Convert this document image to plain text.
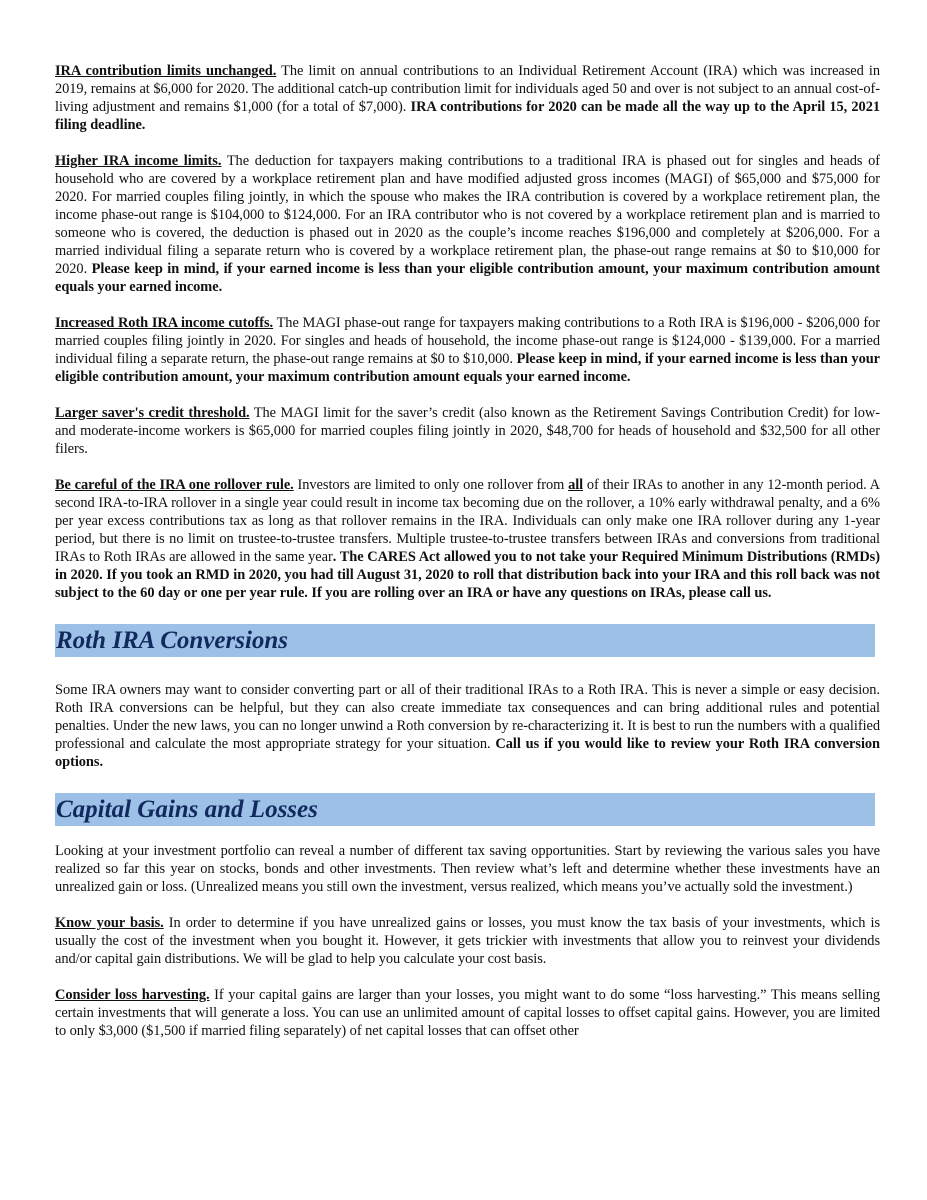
IRA contribution limits unchanged. The limit on annual contributions to an Individual Retirement Account (IRA) which was increased in 2019, remains at $6,000 for 2020. The additional catch-up contribution limit for individuals aged 50 and over is not subject to an annual cost-of-living adjustment and remains $1,000 (for a total of $7,000). IRA contributions for 2020 can be made all the way up to the April 15, 2021 filing deadline.

Higher IRA income limits. The deduction for taxpayers making contributions to a traditional IRA is phased out for singles and heads of household who are covered by a workplace retirement plan and have modified adjusted gross incomes (MAGI) of $65,000 and $75,000 for 2020. For married couples filing jointly, in which the spouse who makes the IRA contribution is covered by a workplace retirement plan, the income phase-out range is $104,000 to $124,000. For an IRA contributor who is not covered by a workplace retirement plan and is married to someone who is covered, the deduction is phased out in 2020 as the couple’s income reaches $196,000 and completely at $206,000. For a married individual filing a separate return who is covered by a workplace retirement plan, the phase-out range remains at $0 to $10,000 for 2020. Please keep in mind, if your earned income is less than your eligible contribution amount, your maximum contribution amount equals your earned income.

Increased Roth IRA income cutoffs. The MAGI phase-out range for taxpayers making contributions to a Roth IRA is $196,000 - $206,000 for married couples filing jointly in 2020. For singles and heads of household, the income phase-out range is $124,000 - $139,000. For a married individual filing a separate return, the phase-out range remains at $0 to $10,000. Please keep in mind, if your earned income is less than your eligible contribution amount, your maximum contribution amount equals your earned income.

Larger saver's credit threshold. The MAGI limit for the saver’s credit (also known as the Retirement Savings Contribution Credit) for low- and moderate-income workers is $65,000 for married couples filing jointly in 2020, $48,700 for heads of household and $32,500 for all other filers.

Be careful of the IRA one rollover rule. Investors are limited to only one rollover from all of their IRAs to another in any 12-month period. A second IRA-to-IRA rollover in a single year could result in income tax becoming due on the rollover, a 10% early withdrawal penalty, and a 6% per year excess contributions tax as long as that rollover remains in the IRA. Individuals can only make one IRA rollover during any 1-year period, but there is no limit on trustee-to-trustee transfers. Multiple trustee-to-trustee transfers between IRAs and conversions from traditional IRAs to Roth IRAs are allowed in the same year. The CARES Act allowed you to not take your Required Minimum Distributions (RMDs) in 2020. If you took an RMD in 2020, you had till August 31, 2020 to roll that distribution back into your IRA and this roll back was not subject to the 60 day or one per year rule. If you are rolling over an IRA or have any questions on IRAs, please call us.

Roth IRA Conversions

Some IRA owners may want to consider converting part or all of their traditional IRAs to a Roth IRA. This is never a simple or easy decision. Roth IRA conversions can be helpful, but they can also create immediate tax consequences and can bring additional rules and potential penalties. Under the new laws, you can no longer unwind a Roth conversion by re-characterizing it. It is best to run the numbers with a qualified professional and calculate the most appropriate strategy for your situation. Call us if you would like to review your Roth IRA conversion options.

Capital Gains and Losses

Looking at your investment portfolio can reveal a number of different tax saving opportunities. Start by reviewing the various sales you have realized so far this year on stocks, bonds and other investments. Then review what’s left and determine whether these investments have an unrealized gain or loss. (Unrealized means you still own the investment, versus realized, which means you’ve actually sold the investment.)

Know your basis. In order to determine if you have unrealized gains or losses, you must know the tax basis of your investments, which is usually the cost of the investment when you bought it. However, it gets trickier with investments that allow you to reinvest your dividends and/or capital gain distributions. We will be glad to help you calculate your cost basis.

Consider loss harvesting. If your capital gains are larger than your losses, you might want to do some “loss harvesting.” This means selling certain investments that will generate a loss. You can use an unlimited amount of capital losses to offset capital gains. However, you are limited to only $3,000 ($1,500 if married filing separately) of net capital losses that can offset other
